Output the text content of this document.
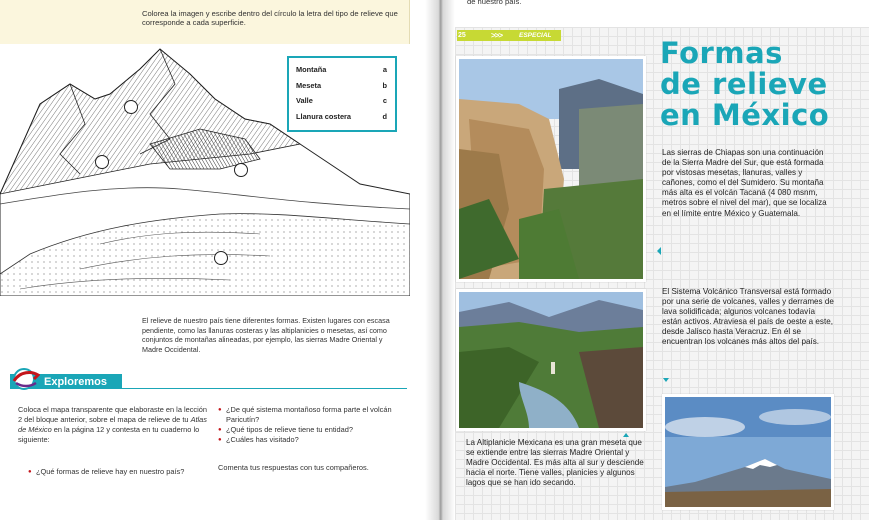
Colorea la imagen y escribe dentro del círculo la letra del tipo de relieve que corresponde a cada superficie.

Montaña	a
Meseta	b
Valle	c
Llanura costera	d

El relieve de nuestro país tiene diferentes formas. Existen lugares con escasa pendiente, como las llanuras costeras y las altiplanicies o mesetas, así como conjuntos de montañas alineadas, por ejemplo, las sierras Madre Oriental y Madre Occidental.

Exploremos

Coloca el mapa transparente que elaboraste en la lección 2 del bloque anterior, sobre el mapa de relieve de tu Atlas de México en la página 12 y contesta en tu cuaderno lo siguiente:

● ¿Qué formas de relieve hay en nuestro país?
● ¿De qué sistema montañoso forma parte el volcán Paricutín?
● ¿Qué tipos de relieve tiene tu entidad?
● ¿Cuáles has visitado?

Comenta tus respuestas con tus compañeros.

de nuestro país.
25	>>>	ESPECIAL
Formas
de relieve
en México

Las sierras de Chiapas son una continuación de la Sierra Madre del Sur, que está formada por vistosas mesetas, llanuras, valles y cañones, como el del Sumidero. Su montaña más alta es el volcán Tacaná (4 080 msnm, metros sobre el nivel del mar), que se localiza en el límite entre México y Guatemala.

El Sistema Volcánico Transversal está formado por una serie de volcanes, valles y derrames de lava solidificada; algunos volcanes todavía están activos. Atraviesa el país de oeste a este, desde Jalisco hasta Veracruz. En él se encuentran los volcanes más altos del país.

La Altiplanicie Mexicana es una gran meseta que se extiende entre las sierras Madre Oriental y Madre Occidental. Es más alta al sur y desciende hacia el norte. Tiene valles, planicies y algunos lagos que se han ido secando.
